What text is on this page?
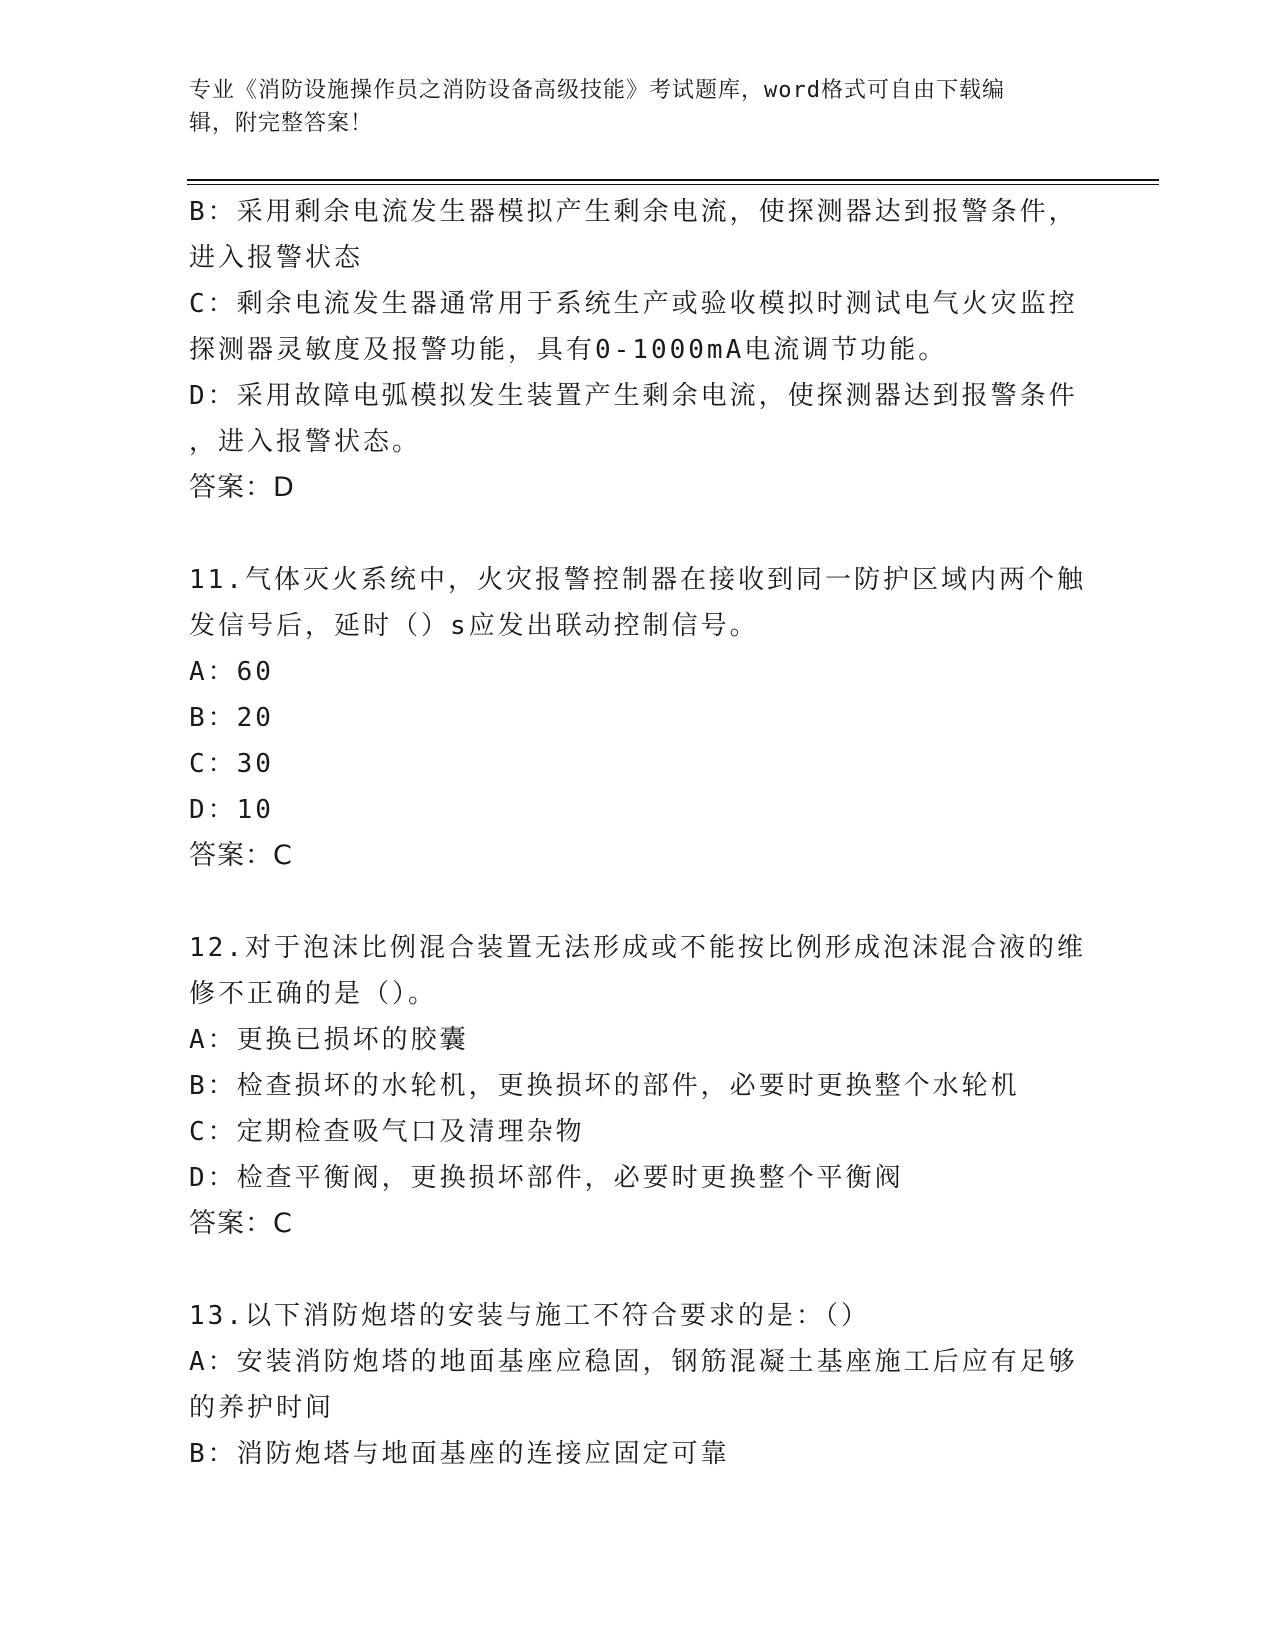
专业《消防设施操作员之消防设备高级技能》考试题库，word格式可自由下载编
辑，附完整答案！

B：采用剩余电流发生器模拟产生剩余电流，使探测器达到报警条件，

进入报警状态

C：剩余电流发生器通常用于系统生产或验收模拟时测试电气火灾监控

探测器灵敏度及报警功能，具有0-1000mA电流调节功能。

D：采用故障电弧模拟发生装置产生剩余电流，使探测器达到报警条件

，进入报警状态。

答案：D

11.气体灭火系统中，火灾报警控制器在接收到同一防护区域内两个触

发信号后，延时（）s应发出联动控制信号。

A：60

B：20

C：30

D：10

答案：C

12.对于泡沫比例混合装置无法形成或不能按比例形成泡沫混合液的维

修不正确的是（）。

A：更换已损坏的胶囊

B：检查损坏的水轮机，更换损坏的部件，必要时更换整个水轮机

C：定期检查吸气口及清理杂物

D：检查平衡阀，更换损坏部件，必要时更换整个平衡阀

答案：C

13.以下消防炮塔的安装与施工不符合要求的是：（）

A：安装消防炮塔的地面基座应稳固，钢筋混凝土基座施工后应有足够

的养护时间

B：消防炮塔与地面基座的连接应固定可靠
